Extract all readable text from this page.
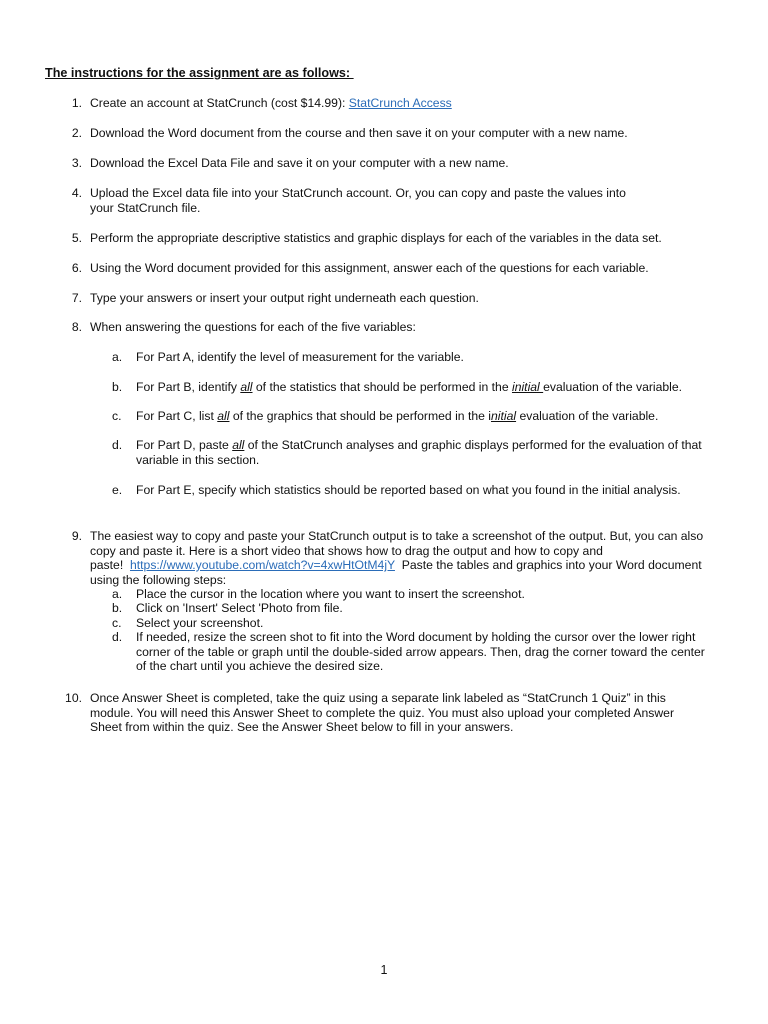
The instructions for the assignment are as follows:
1. Create an account at StatCrunch (cost $14.99): StatCrunch Access
2. Download the Word document from the course and then save it on your computer with a new name.
3. Download the Excel Data File and save it on your computer with a new name.
4. Upload the Excel data file into your StatCrunch account. Or, you can copy and paste the values into
your StatCrunch file.
5. Perform the appropriate descriptive statistics and graphic displays for each of the variables in the data set.
6. Using the Word document provided for this assignment, answer each of the questions for each variable.
7. Type your answers or insert your output right underneath each question.
8. When answering the questions for each of the five variables:
a. For Part A, identify the level of measurement for the variable.
b. For Part B, identify all of the statistics that should be performed in the initial evaluation of the variable.
c. For Part C, list all of the graphics that should be performed in the initial evaluation of the variable.
d. For Part D, paste all of the StatCrunch analyses and graphic displays performed for the evaluation of that
variable in this section.
e. For Part E, specify which statistics should be reported based on what you found in the initial analysis.
9. The easiest way to copy and paste your StatCrunch output is to take a screenshot of the output. But, you can also
copy and paste it. Here is a short video that shows how to drag the output and how to copy and
paste!  https://www.youtube.com/watch?v=4xwHtOtM4jY  Paste the tables and graphics into your Word document
using the following steps:
a. Place the cursor in the location where you want to insert the screenshot.
b. Click on 'Insert' Select 'Photo from file.
c. Select your screenshot.
d. If needed, resize the screen shot to fit into the Word document by holding the cursor over the lower right
corner of the table or graph until the double-sided arrow appears. Then, drag the corner toward the center
of the chart until you achieve the desired size.
10. Once Answer Sheet is completed, take the quiz using a separate link labeled as “StatCrunch 1 Quiz” in this
module. You will need this Answer Sheet to complete the quiz. You must also upload your completed Answer
Sheet from within the quiz. See the Answer Sheet below to fill in your answers.
1
